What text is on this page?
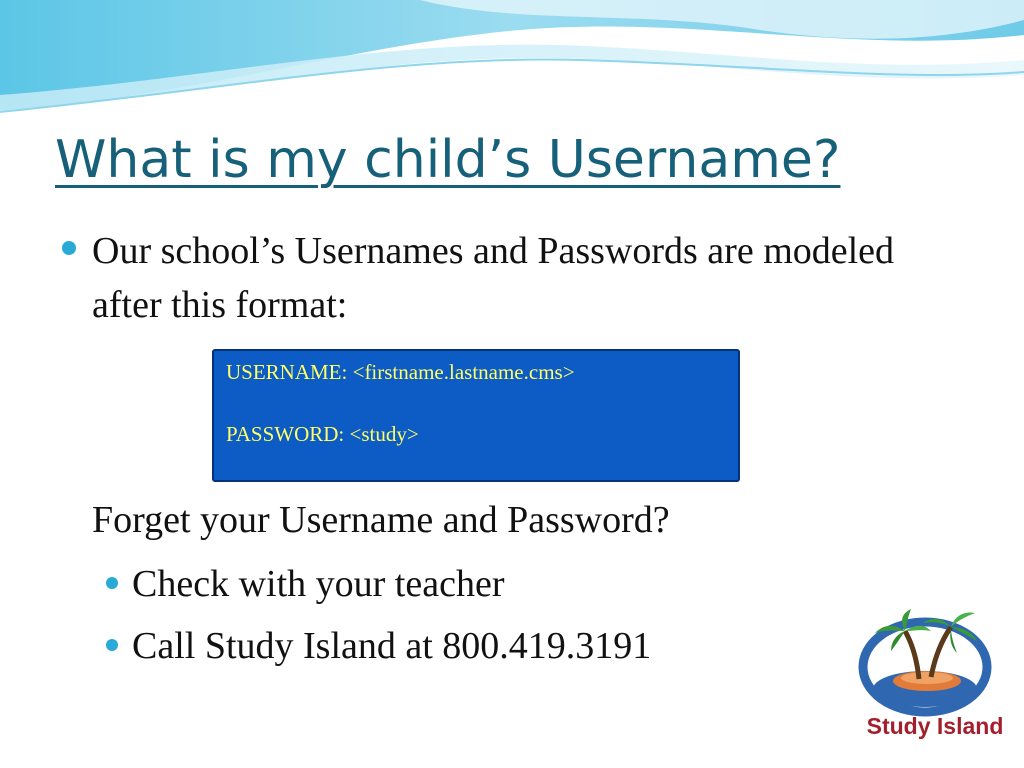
What is my child’s Username?
Our school’s Usernames and Passwords are modeled after this format:
USERNAME: <firstname.lastname.cms>
PASSWORD: <study>
Forget your Username and Password?
Check with your teacher
Call Study Island at 800.419.3191
Study Island
